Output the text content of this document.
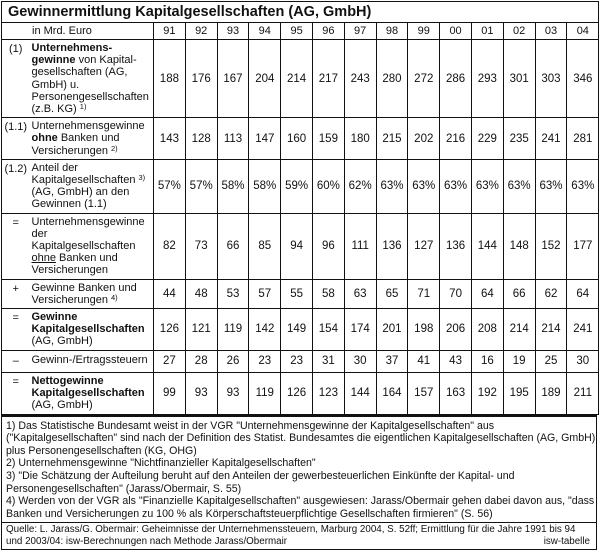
Gewinnermittlung Kapitalgesellschaften (AG, GmbH)															
in Mrd. Euro		91	92	93	94	95	96	97	98	99	00	01	02	03	04
(1)	Unternehmens-gewinne von Kapital-gesellschaften (AG, GmbH) u. Personengesellschaften (z.B. KG) $^{1)}$	188	176	167	204	214	217	243	280	272	286	293	301	303	346
(1.1)	Unternehmensgewinne ohne Banken und Versicherungen $^{2)}$	143	128	113	147	160	159	180	215	202	216	229	235	241	281
(1.2)	Anteil der Kapitalgesellschaften $^{3)}$ (AG, GmbH) an den Gewinnen (1.1)	57%	57%	58%	58%	59%	60%	62%	63%	63%	63%	63%	63%	63%	63%
=	Unternehmensgewinne der Kapitalgesellschaften ohne Banken und Versicherungen	82	73	66	85	94	96	111	136	127	136	144	148	152	177
+	Gewinne Banken und Versicherungen $^{4)}$	44	48	53	57	55	58	63	65	71	70	64	66	62	64
=	Gewinne Kapitalgesellschaften (AG, GmbH)	126	121	119	142	149	154	174	201	198	206	208	214	214	241
–	Gewinn-/Ertragssteuern	27	28	26	23	23	31	30	37	41	43	16	19	25	30
=	Nettogewinne Kapitalgesellschaften (AG, GmbH)	99	93	93	119	126	123	144	164	157	163	192	195	189	211
1) Das Statistische Bundesamt weist in der VGR "Unternehmensgewinne der Kapitalgesellschaften" aus ("Kapitalgesellschaften" sind nach der Definition des Statist. Bundesamtes die eigentlichen Kapitalgesellschaften (AG, GmbH) plus Personengesellschaften (KG, OHG)
2) Unternehmensgewinne "Nichtfinanzieller Kapitalgesellschaften"
3) "Die Schätzung der Aufteilung beruht auf den Anteilen der gewerbesteuerlichen Einkünfte der Kapital- und Personengesellschaften" (Jarass/Obermair, S. 55)
4) Werden von der VGR als "Finanzielle Kapitalgesellschaften" ausgewiesen: Jarass/Obermair gehen dabei davon aus, "dass Banken und Versicherungen zu 100 % als Körperschaftsteuerpflichtige Gesellschaften firmieren" (S. 56)
Quelle: L. Jarass/G. Obermair: Geheimnisse der Unternehmenssteuern, Marburg 2004, S. 52ff; Ermittlung für die Jahre 1991 bis 94 und 2003/04: isw-Berechnungen nach Methode Jarass/Obermair	isw-tabelle
